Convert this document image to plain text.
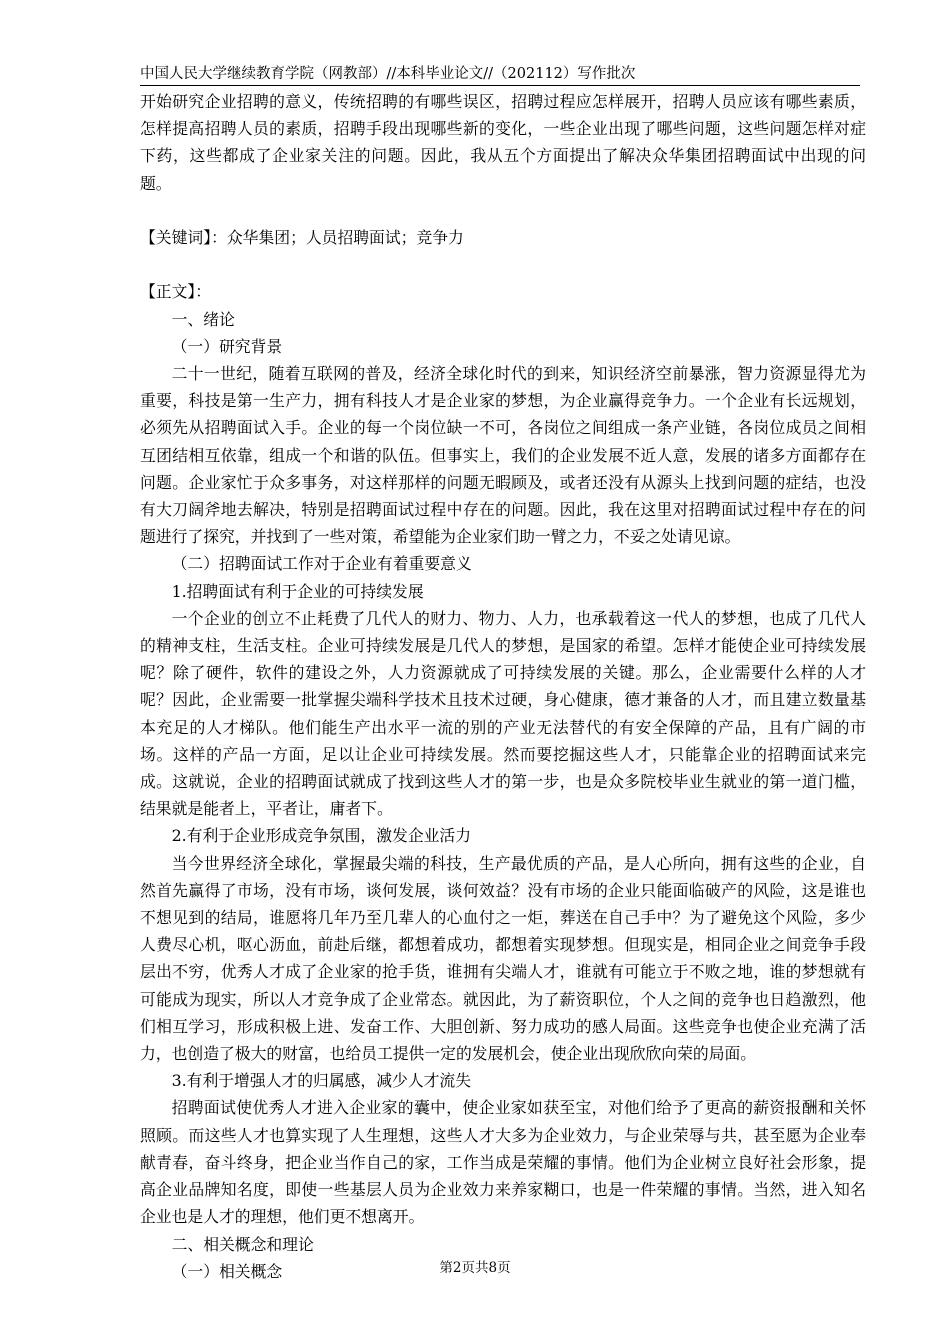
中国人民大学继续教育学院（网教部）//本科毕业论文//（202112）写作批次

开始研究企业招聘的意义，传统招聘的有哪些误区，招聘过程应怎样展开，招聘人员应该有哪些素质，怎样提高招聘人员的素质，招聘手段出现哪些新的变化，一些企业出现了哪些问题，这些问题怎样对症下药，这些都成了企业家关注的问题。因此，我从五个方面提出了解决众华集团招聘面试中出现的问题。

【关键词】：众华集团；人员招聘面试；竞争力

【正文】：

一、绪论

（一）研究背景

二十一世纪，随着互联网的普及，经济全球化时代的到来，知识经济空前暴涨，智力资源显得尤为重要，科技是第一生产力，拥有科技人才是企业家的梦想，为企业赢得竞争力。一个企业有长远规划，必须先从招聘面试入手。企业的每一个岗位缺一不可，各岗位之间组成一条产业链，各岗位成员之间相互团结相互依靠，组成一个和谐的队伍。但事实上，我们的企业发展不近人意，发展的诸多方面都存在问题。企业家忙于众多事务，对这样那样的问题无暇顾及，或者还没有从源头上找到问题的症结，也没有大刀阔斧地去解决，特别是招聘面试过程中存在的问题。因此，我在这里对招聘面试过程中存在的问题进行了探究，并找到了一些对策，希望能为企业家们助一臂之力，不妥之处请见谅。

（二）招聘面试工作对于企业有着重要意义

1.招聘面试有利于企业的可持续发展

一个企业的创立不止耗费了几代人的财力、物力、人力，也承载着这一代人的梦想，也成了几代人的精神支柱，生活支柱。企业可持续发展是几代人的梦想，是国家的希望。怎样才能使企业可持续发展呢？除了硬件，软件的建设之外，人力资源就成了可持续发展的关键。那么，企业需要什么样的人才呢？因此，企业需要一批掌握尖端科学技术且技术过硬，身心健康，德才兼备的人才，而且建立数量基本充足的人才梯队。他们能生产出水平一流的别的产业无法替代的有安全保障的产品，且有广阔的市场。这样的产品一方面，足以让企业可持续发展。然而要挖掘这些人才，只能靠企业的招聘面试来完成。这就说，企业的招聘面试就成了找到这些人才的第一步，也是众多院校毕业生就业的第一道门槛，结果就是能者上，平者让，庸者下。

2.有利于企业形成竞争氛围，激发企业活力

当今世界经济全球化，掌握最尖端的科技，生产最优质的产品，是人心所向，拥有这些的企业，自然首先赢得了市场，没有市场，谈何发展，谈何效益？没有市场的企业只能面临破产的风险，这是谁也不想见到的结局，谁愿将几年乃至几辈人的心血付之一炬，葬送在自己手中？为了避免这个风险，多少人费尽心机，呕心沥血，前赴后继，都想着成功，都想着实现梦想。但现实是，相同企业之间竞争手段层出不穷，优秀人才成了企业家的抢手货，谁拥有尖端人才，谁就有可能立于不败之地，谁的梦想就有可能成为现实，所以人才竞争成了企业常态。就因此，为了薪资职位，个人之间的竞争也日趋激烈，他们相互学习，形成积极上进、发奋工作、大胆创新、努力成功的感人局面。这些竞争也使企业充满了活力，也创造了极大的财富，也给员工提供一定的发展机会，使企业出现欣欣向荣的局面。

3.有利于增强人才的归属感，减少人才流失

招聘面试使优秀人才进入企业家的囊中，使企业家如获至宝，对他们给予了更高的薪资报酬和关怀照顾。而这些人才也算实现了人生理想，这些人才大多为企业效力，与企业荣辱与共，甚至愿为企业奉献青春，奋斗终身，把企业当作自己的家，工作当成是荣耀的事情。他们为企业树立良好社会形象，提高企业品牌知名度，即使一些基层人员为企业效力来养家糊口，也是一件荣耀的事情。当然，进入知名企业也是人才的理想，他们更不想离开。

二、相关概念和理论

（一）相关概念	第2页共8页
